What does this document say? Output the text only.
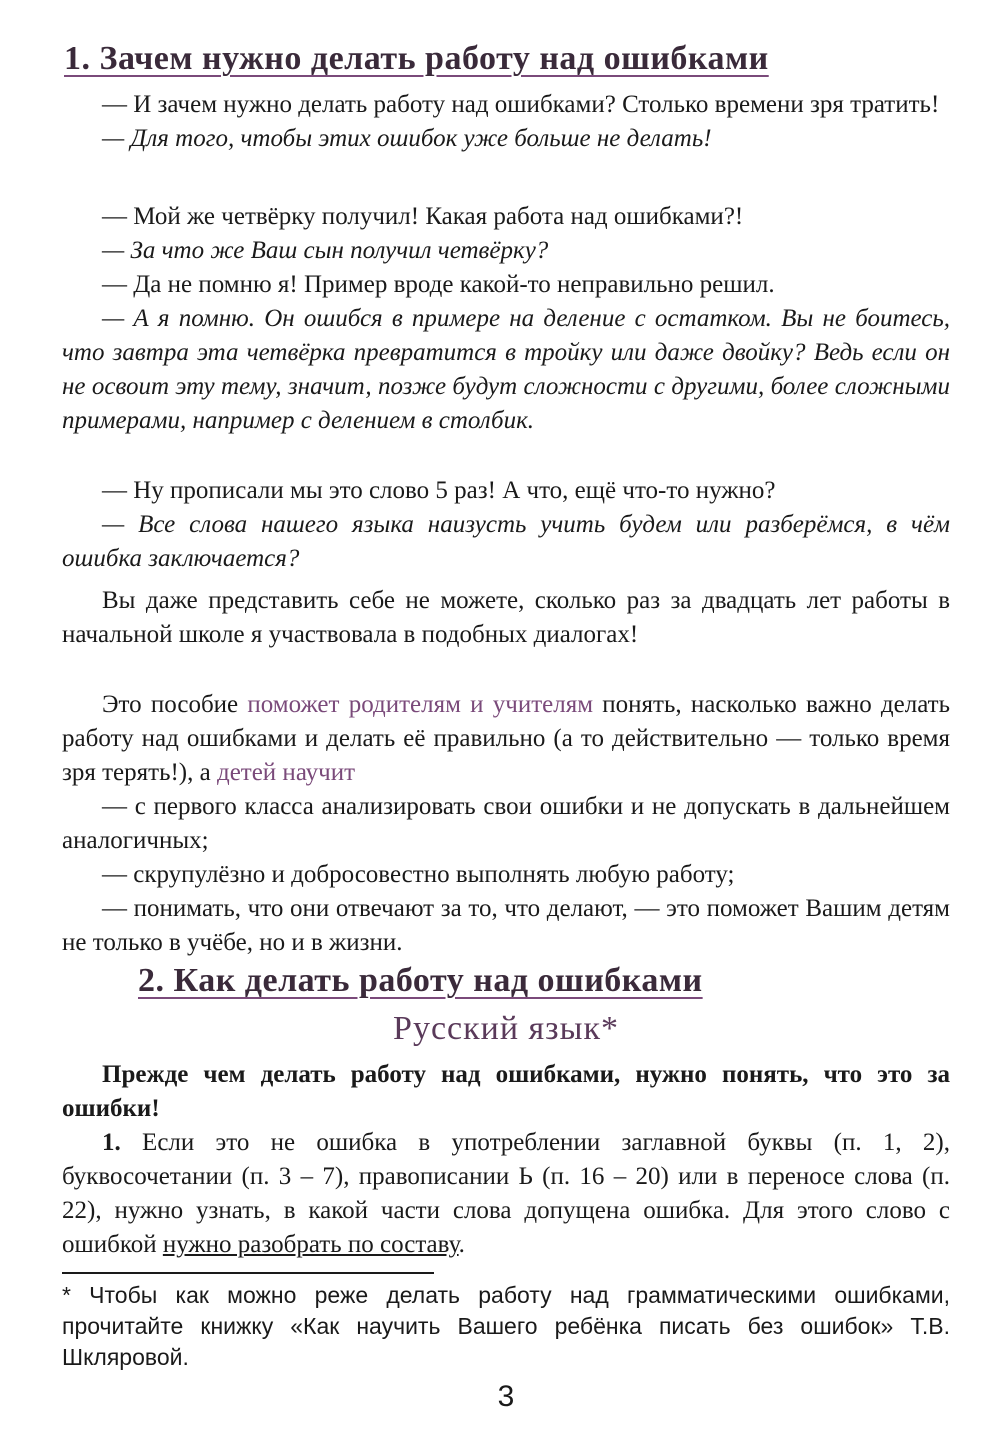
1. Зачем нужно делать работу над ошибками

— И зачем нужно делать работу над ошибками? Столько времени зря тратить!

— Для того, чтобы этих ошибок уже больше не делать!

— Мой же четвёрку получил! Какая работа над ошибками?!

— За что же Ваш сын получил четвёрку?

— Да не помню я! Пример вроде какой-то неправильно решил.

— А я помню. Он ошибся в примере на деление с остатком. Вы не боитесь, что завтра эта четвёрка превратится в тройку или даже двойку? Ведь если он не освоит эту тему, значит, позже будут сложности с другими, более сложными примерами, например с делением в столбик.

— Ну прописали мы это слово 5 раз! А что, ещё что-то нужно?

— Все слова нашего языка наизусть учить будем или разберёмся, в чём ошибка заключается?

Вы даже представить себе не можете, сколько раз за двадцать лет работы в начальной школе я участвовала в подобных диалогах!

Это пособие поможет родителям и учителям понять, насколько важно делать работу над ошибками и делать её правильно (а то действительно — только время зря терять!), а детей научит

— с первого класса анализировать свои ошибки и не допускать в дальнейшем аналогичных;

— скрупулёзно и добросовестно выполнять любую работу;

— понимать, что они отвечают за то, что делают, — это поможет Вашим детям не только в учёбе, но и в жизни.

2. Как делать работу над ошибками
Русский язык*

Прежде чем делать работу над ошибками, нужно понять, что это за ошибки!

1. Если это не ошибка в употреблении заглавной буквы (п. 1, 2), буквосочетании (п. 3 – 7), правописании Ь (п. 16 – 20) или в переносе слова (п. 22), нужно узнать, в какой части слова допущена ошибка. Для этого слово с ошибкой нужно разобрать по составу.

* Чтобы как можно реже делать работу над грамматическими ошибками, прочитайте книжку «Как научить Вашего ребёнка писать без ошибок» Т.В. Шкляровой.
3
